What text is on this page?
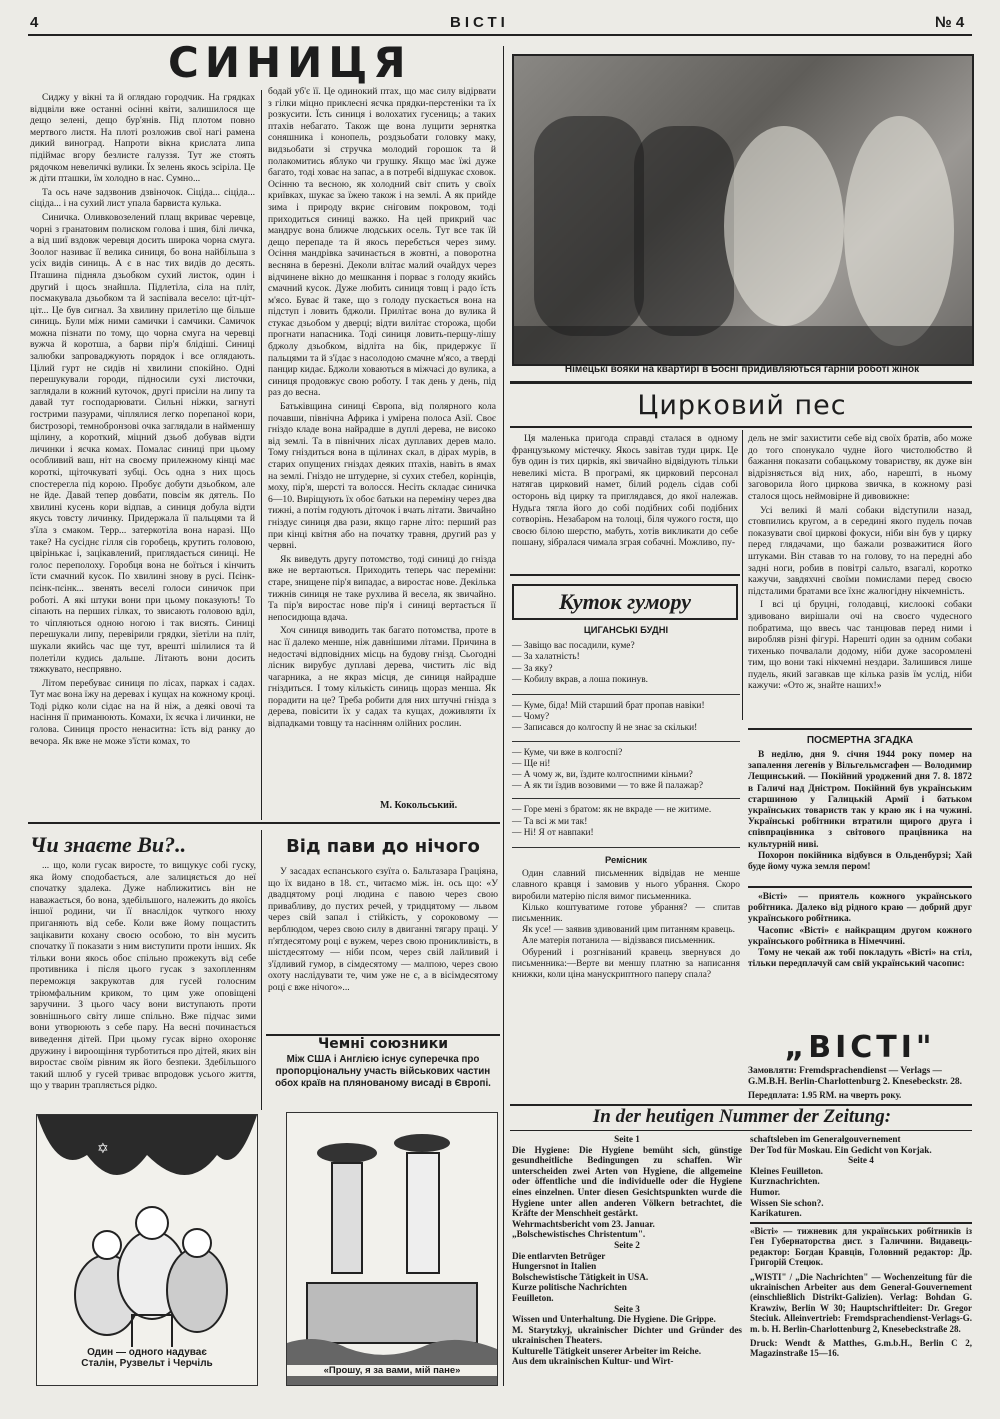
4	ВІСТІ	№ 4
СИНИЦЯ

Сиджу у вікні та й оглядаю городчик. На грядках відцвіли вже останні осінні квіти, залишилося ще дещо зелені, дещо бур'янів. Під плотом повно мертвого листя. На плоті розложив свої нагі рамена дикий виноград. Напроти вікна крислата липа підіймає вгору безлисте галуззя. Тут же стоять рядочком невеличкі вулики. Їх зелень якось зсіріла. Це ж діти пташки, їм холодно в нас. Сумно...

Та ось наче задзвонив дзвіночок. Сіціда... сіціда... сіціда... і на сухий лист упала барвиста кулька.

Синичка. Оливковозелений плащ вкриває черевце, чорні з гранатовим полиском голова і шия, білі личка, а від шиї вздовж черевця досить широка чорна смуга. Зоолог називає її велика синиця, бо вона найбільша з усіх видів синиць. А є в нас тих видів до десять. Пташина підняла дзьобком сухий листок, один і другий і щось знайшла. Підлетіла, сіла на пліт, посмакувала дзьобком та й заспівала весело: цiт-цiт-цiт... Це був сигнал. За хвилину прилетіло ще більше синиць. Були між ними самички і самчики. Самичок можна пізнати по тому, що чорна смуга на черевці вужча й коротша, а барви пір'я блідіші. Синиці залюбки запроваджують порядок і все оглядають. Цілий гурт не сидів ні хвилини спокійно. Одні перешукували городи, підносили сухі листочки, заглядали в кожний куточок, другі присіли на липу та давай тут господарювати. Сильні ніжки, загнуті гострими пазурами, чіплялися легко порепаної кори, бистрозорі, темнобронзові очка заглядали в найменшу щілину, а короткий, міцний дзьоб добував відти личинки і яєчка комах. Помалас синиці при цьому особливий ваш, ніт на своєму прилежному кінці має короткі, щіточкуваті зубці. Ось одна з них щось спостерегла під корою. Пробує добути дзьобком, але не йде. Давай тепер довбати, повсім як дятель. По хвилині кусень кори відпав, а синиця добула відти якусь товсту личинку. Придержала її пальцями та й з'їла з смаком. Терр... затеркотіла вона наразі. Що таке? На сусіднє гілля сів горобець, крутить головою, цвірінькає і, зацікавлений, приглядається синиці. Не голос переполоху. Горобця вона не боїться і кінчить їсти смачний кусок. По хвилині знову в русі. Пєінк-пєінк-пєінк... звенять веселі голоси синичок при роботі. А які штуки вони при цьому показують! То сіпають на перших гілках, то звисають головою вділ, то чіпляються одною ногою і так висять. Синиці перешукали липу, перевірили грядки, зїетіли на пліт, шукали якийсь час ще тут, врешті шілилися та й полетіли кудись дальше. Літають вони досить тяжкувато, неспрявно.

Літом перебуває синиця по лісах, парках і садах. Тут має вона їжу на деревах і кущах на кожному кроці. Тоді рідко коли сідає на на й ніж, а деякі овочі та насіння її приманюють. Комахи, їх яєчка і личинки, не голова. Синиця просто ненаситна: їсть від ранку до вечора. Як вже не може з'їсти комах, то

бодай уб'є її. Це одинокий птах, що має силу відірвати з гілки міцно приклеєні яєчка прядки-перстеніки та їх розкусити. Їсть синиця і волохатих гусениць; а таких птахів небагато. Також ще вона лущити зернятка соняшника і конопель, роздзьобати головку маку, видзьобати зі стручка молодий горошок та й полакомитись яблуко чи грушку. Якщо має їжі дуже багато, тоді ховає на запас, а в потребі відшукає сховок. Осінню та весною, як холодний світ спить у своїх криївках, шукає за їжею також і на землі. А як прийде зима і природу вкриє сніговим покровом, тоді приходиться синиці важко. На цей прикрий час мандрує вона ближче людських осель. Тут все так їй дещо перепаде та й якось перебється через зиму. Осіння мандрівка зачинається в жовтні, а поворотна весняна в березні. Деколи влітає малий очайдух через відчинене вікно до мешкання і порває з голоду якийсь смачний кусок. Дуже любить синиця товщ і радо їсть м'ясо. Буває й таке, що з голоду пускається вона на підступ і ловить бджоли. Прилітає вона до вулика й стукає дзьобом у дверці; відти вилітає сторожа, щоби прогнати напасника. Тоді синиця ловить-перщу-лішу бджолу дзьобком, відліта на бік, придержує її пальцями та й з'їдає з насолодою смачне м'ясо, а тверді панцир кидає. Бджоли ховаються в міжчасі до вулика, а синиця продовжує свою роботу. І так день у день, під раз до весна.

Батьківщина синиці Європа, від полярного кола почавши, північна Африка і умірена полоса Азії. Своє гніздо кладе вона найрадше в дуплі дерева, не високо від землі. Та в північних лісах дуплавих дерев мало. Тому гніздиться вона в щілинах скал, в дірах мурів, в старих опущених гніздах деяких птахів, навіть в ямах на землі. Гніздо не штудерне, зі сухих стебел, корінців, моху, пір'я, шерсті та волосся. Несіть складає синичка 6—10. Виріщують їх обоє батьки на переміну через два тижні, а потім годують діточок і вчать літати. Звичайно гніздує синиця два рази, якщо гарне літо: перший раз при кінці квітня або на початку травня, другий раз у червні.

Як виведуть другу потомство, тоді синиці до гнізда вже не вертаються. Приходить теперь час переміни: старе, знищене пір'я випадає, а виростає нове. Декілька тижнів синиця не таке рухлива й весела, як звичайно. Та пір'я виростає нове пір'я і синиці вертається її непосидюща вдача.

Хоч синиця виводить так багато потомства, проте в нас її далеко менше, ніж давнішими літами. Причина в недостачі відповідних місць на будову гнізд. Сьогодні ліcник вирубує дуплаві дерева, чистить ліс від чагарника, а не якраз місця, де синиця найрадше гніздиться. І тому кількість синиць щораз меншa. Як порадити на це? Треба робити для них штучні гнізда з дерева, повісити їх у садах та кущах, доживляти їх відпадками товщу та насінням олійних рослин.

М. Кокольський.
Німецькі вояки на квартирі в Босні придивляються гарній роботі жінок
Цирковий пес

Ця маленька пригода справді сталася в одному французькому містечку. Якось завітав туди цирк. Це був один із тих цирків, які звичайно відвідують тільки невеликі міста. В програмі, як цирковий персонал натягав цирковий намет, білий родель сідав собі осторонь від цирку та приглядався, до якої належав. Нудьга тягла його до собі подібних собі подібних сотворінь. Незабаром на толоці, біля чужого гостя, що своєю білою шерстю, мабуть, хотів викликати до себе пошану, зібралася чимала зграя собачні. Можливо, пу-

дель не зміг захистити себе від своїх братів, або може до того спонукало чудне його чистолюбство й бажання показати собацькому товариству, як дуже він відрізняється від них, або, нарешті, в ньому заговорила його циркова звичка, в кожному разі сталося щось неймовірне й дивовижне:

Усі великі й малі собаки відступили назад, стовпились кругом, а в середині якого пудель почав показувати свої циркові фокуси, ніби він був у цирку перед глядачами, що бажали розважитися його штуками. Він ставав то на голову, то на передні або задні ноги, робив в повітрі сальто, взагалі, коротко кажучи, завдяхчні своїми помислами перед своєю підсталими братами все їхнє жалюгідну нікчемність.

І всі ці бруцні, голодавці, кислоокі собаки здивовано вирішали очі на своєго чудесного побратима, що ввесь час танцював перед ними і виробляв різні фігурі. Нарешті один за одним собаки тихенько почвалали додому, ніби дуже засоромлені тим, що вони такі нікчемні нездари. Залишився лише пудель, який загавкав ще кілька разів їм услід, ніби кажучи: «Ото ж, знайте наших!»

Куток гумору
ЦИГАНСЬКІ БУДНІ
— Завіщо вас посадили, куме?
— За халатність!
— За яку?
— Кобилу вкрав, а лоша покинув.
— Куме, біда! Мій старший брат пропав навіки!
— Чому?
— Записався до колгоспу й не знає за скільки!
— Куме, чи вже в колгоспі?
— Ще ні!
— А чому ж, ви, їздите колгоспними кіньми?
— А як ти їздив возовими — то вже й палажар?
— Горе мені з братом: як не вкраде — не житиме.
— Та всі ж ми так!
— Ні! Я от навпаки!
Ремісник
Один славний письменник відвідав не менше славного кравця і замовив у нього убрання. Скоро виробили матерію після вимог письменника.
Кілько коштуватиме готове убрання? — спитав письменник.
Як усе! — заявив здивований цим питанням кравець.
Але матерія потанила — відізвався письменник.
Обурений і розгніваний кравець звернувся до письменника:—Верте ви меншу платню за написання книжки, коли ціна манускриптного паперу спала?
ПОСМЕРТНА ЗГАДКА
В неділю, дня 9. січня 1944 року помер на запалення легенів у Вільгельмсгафен — Володимир Лещинський. — Покійний уроджений дня 7. 8. 1872 в Галичі над Дністром. Покійний був українським старшиною у Галицькій Армії і батьком українських товариств так у краю як і на чужині. Українські робітники втратили щирого друга і співпрацівника з світового працівника на культурній ниві.
Похорон покійника відбувся в Ольденбурзі; Хай буде йому чужа земля пером!
«Вісті» — приятель кожного українського робітника. Далеко від рідного краю — добрий друг українського робітника.
Часопис «Вісті» є найкращим другом кожного українського робітника в Німеччині.
Тому не чекай аж тобі покладуть «Вісті» на стіл, тільки передплачуй сам свій український часопис:
„ВІСТІ"
Замовляти: Fremdsprachendienst — Verlags — G.M.B.H. Berlin-Charlottenburg 2. Knesebeckstr. 28.
Передплата: 1.95 RM. на чверть року.
In der heutigen Nummer der Zeitung:
Seite 1
Die Hygiene: Die Hygiene bemüht sich, günstige gesundheitliche Bedingungen zu schaffen. Wir unterscheiden zwei Arten von Hygiene, die allgemeine oder öffentliche und die individuelle oder die Hygiene eines einzelnen. Unter diesen Gesichtspunkten wurde die Hygiene unter allen anderen Völkern betrachtet, die Kräfte der Menschheit gestärkt.
Wehrmachtsbericht vom 23. Januar.
„Bolschewistisches Christentum".
Seite 2
Die entlarvten Betrüger
Hungersnot in Italien
Bolschewistische Tätigkeit in USA.
Kurze politische Nachrichten
Feuilleton.
Seite 3
Wissen und Unterhaltung. Die Hygiene. Die Grippe.
M. Starytzkyj, ukrainischer Dichter und Gründer des ukrainischen Theaters.
Kulturelle Tätigkeit unserer Arbeiter im Reiche.
Aus dem ukrainischen Kultur- und Wirt-
schaftsleben im Generalgouvernement
Der Tod für Moskau. Ein Gedicht von Korjak.
Seite 4
Kleines Feuilleton.
Kurznachrichten.
Humor.
Wissen Sie schon?.
Karikaturen.
«Вісті» — тижневик для українських робітників із Ген Губернаторства дист. з Галичини. Видавець-редактор: Богдан Кравців, Головний редактор: Др. Григорій Стецюк.
„WISTI" / „Die Nachrichten" — Wochenzeitung für die ukrainischen Arbeiter aus dem General-Gouvernement (einschließlich Distrikt-Galizien). Verlag: Bohdan G. Krawziw, Berlin W 30; Hauptschriftleiter: Dr. Gregor Steciuk. Alleinvertrieb: Fremdsprachendienst-Verlags-G. m. b. H. Berlin-Charlottenburg 2, Knesebeckstraße 28.
Druck: Wendt & Matthes, G.m.b.H., Berlin C 2, Magazinstraße 15—16.
Чи знаєте Ви?..

... що, коли гусак виросте, то вищукує собі гуску, яка йому сподобається, але залицяється до неї спочатку здалека. Дуже наближитись він не наважається, бо вона, здебільшого, належить до якоїсь іншої родини, чи її внаслідок чуткого нюху приганяють від себе. Коли вже йому пощастить зацікавити кохану своєю особою, то він мусить спочатку її показати з ним виступити проти інших. Як тільки вони якось обоє спільно прожекуть від себе противника і після цього гусак з захопленням переможця закрукотав для гусей голосним тріюмфальним криком, то цим уже оповіщені заручини. З цього часу вони виступають проти зовнішнього світу лише спільно. Вже підчас зими вони утворюють з себе пару. На весні починається виведення дітей. При цьому гусак вірно охороняє дружину і вироощіння турботиться про дітей, яких він виростає своїм рівним як його безпеки. Здебільшого такий шлюб у гусей триває впродовж усього життя, що у тварин трапляється рідко.

Від пави до нічого

У засадах еспанського єзуїта о. Бальтазара Граціяна, що їх видано в 18. ст., читаємо між. ін. ось що: «У двадцятому році людина є павою через свою привабливу, до пустих речей, у тридцятому — львом через свій запал і стійкість, у сороковому — верблюдом, через свою силу в двиганні тягару праці. У п'ятдесятому році є вужем, через свою проникливість, в шістдесятому — ніби псом, через свій лайливий і з'їдливий гумор, в сімдесятому — малпою, через свою охоту наслідувати те, чим уже не є, а в вісімдесятому році є вже нічого»...

Чемні союзники
Між США і Англією існує суперечка про пропорціональну участь військових частин обох країв на плянованому висаді в Європі.
✡
Один — одного надуває
Сталін, Рузвельт і Черчіль
«Прошу, я за вами, мій пане»
